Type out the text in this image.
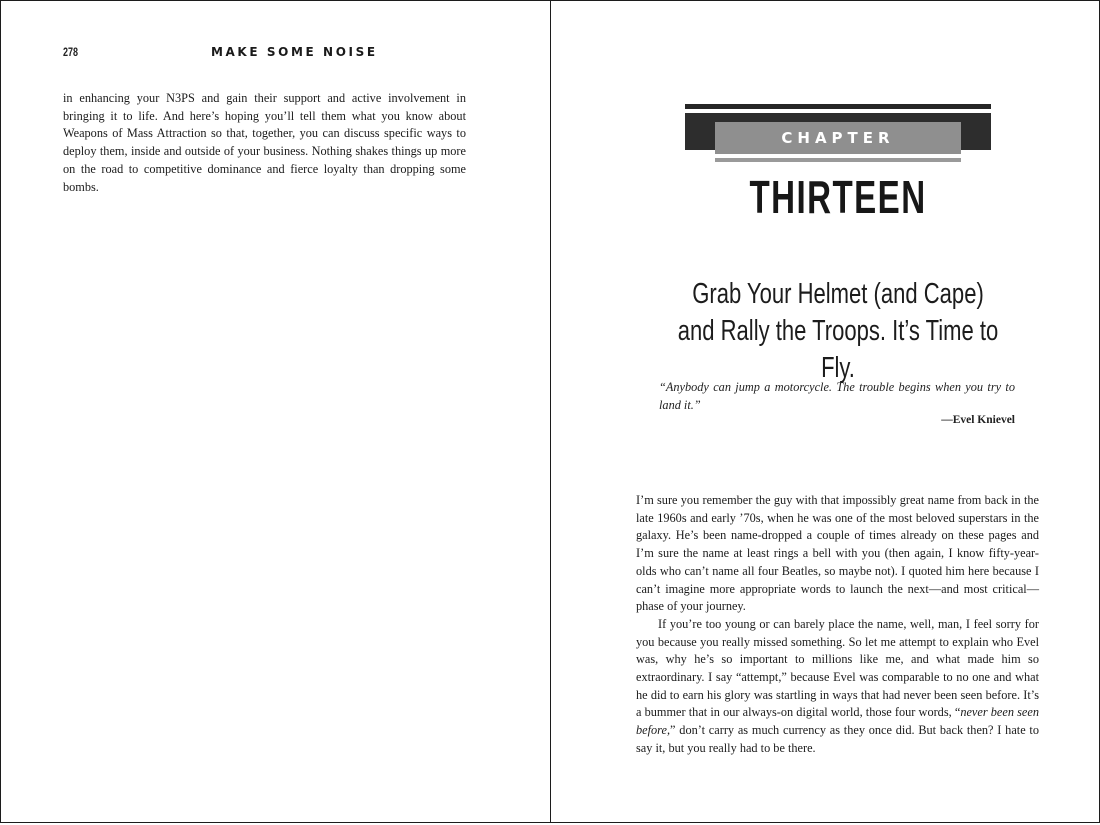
278	MAKE SOME NOISE
in enhancing your N3PS and gain their support and active involvement in bringing it to life. And here’s hoping you’ll tell them what you know about Weapons of Mass Attraction so that, together, you can discuss specific ways to deploy them, inside and outside of your business. Nothing shakes things up more on the road to competitive dominance and fierce loyalty than dropping some bombs.
CHAPTER
THIRTEEN
Grab Your Helmet (and Cape)
and Rally the Troops. It’s Time to Fly.
“Anybody can jump a motorcycle. The trouble begins when you try to land it.”
—Evel Knievel

I’m sure you remember the guy with that impossibly great name from back in the late 1960s and early ’70s, when he was one of the most beloved superstars in the galaxy. He’s been name-dropped a couple of times already on these pages and I’m sure the name at least rings a bell with you (then again, I know fifty-year-olds who can’t name all four Beatles, so maybe not). I quoted him here because I can’t imagine more appropriate words to launch the next—and most critical—phase of your journey.

If you’re too young or can barely place the name, well, man, I feel sorry for you because you really missed something. So let me attempt to explain who Evel was, why he’s so important to millions like me, and what made him so extraordinary. I say “attempt,” because Evel was comparable to no one and what he did to earn his glory was startling in ways that had never been seen before. It’s a bummer that in our always-on digital world, those four words, “never been seen before,” don’t carry as much currency as they once did. But back then? I hate to say it, but you really had to be there.
